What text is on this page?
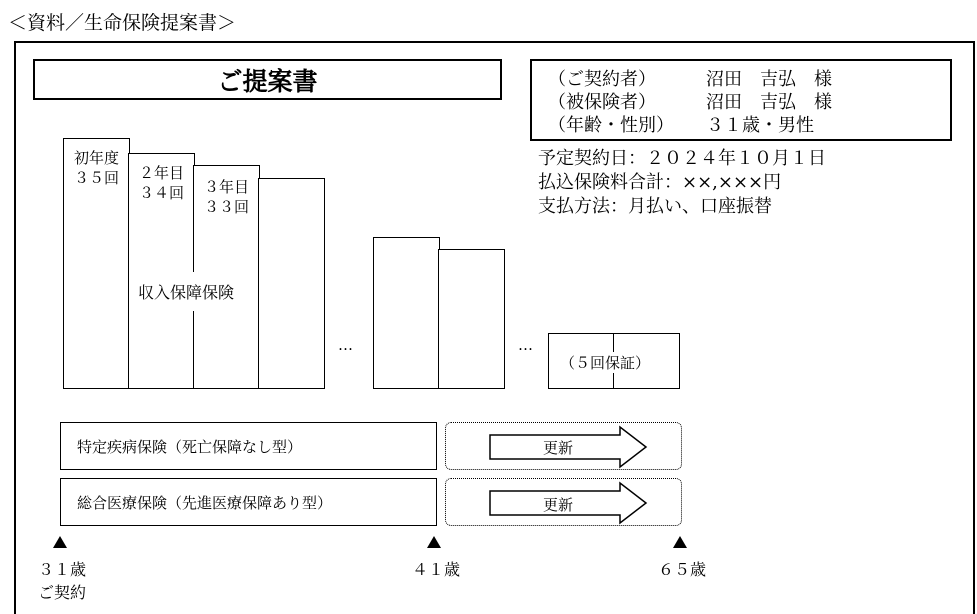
＜資料／生命保険提案書＞
ご提案書	（ご契約者）	沼田　吉弘　様
（被保険者）	沼田　吉弘　様
（年齢・性別） ３１歳・男性
予定契約日：２０２４年１０月１日
払込保険料合計：××,×××円
支払方法：月払い、口座振替
初年度
３５回	２年目
３４回	３年目
３３回
収入保障保険
…	…
（５回保証）
特定疾病保険（死亡保障なし型）	更新
総合医療保険（先進医療保障あり型）	更新
３１歳
ご契約
４１歳	６５歳
